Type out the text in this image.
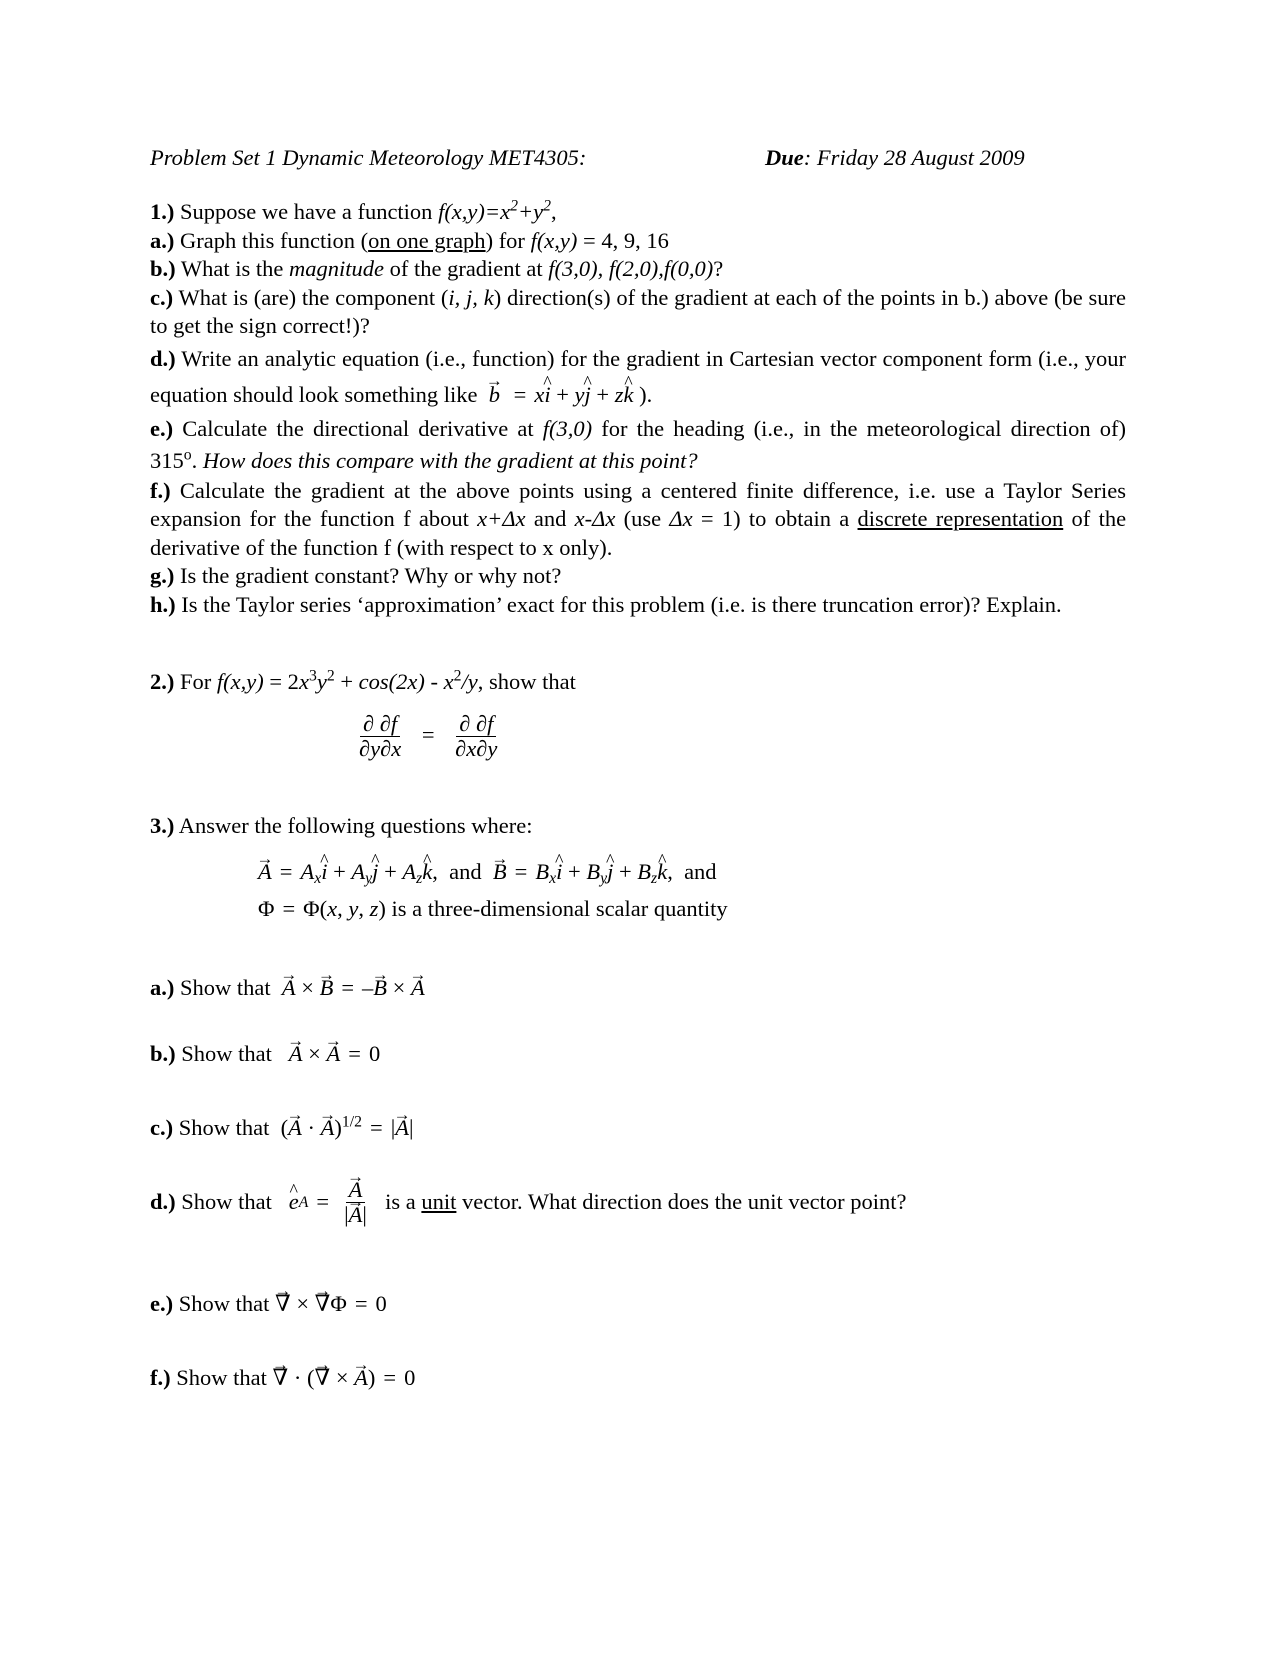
Problem Set 1 Dynamic Meteorology MET4305:	Due: Friday 28 August 2009

1.) Suppose we have a function $f(x,y)=x^2+y^2$,

a.) Graph this function (on one graph) for f(x,y) = 4, 9, 16

b.) What is the magnitude of the gradient at f(3,0), f(2,0),f(0,0)?

c.) What is (are) the component (i, j, k) direction(s) of the gradient at each of the points in b.) above (be sure to get the sign correct!)?

d.) Write an analytic equation (i.e., function) for the gradient in Cartesian vector component form (i.e., your equation should look something like → b = x^ i + y^ j + z^ k ).

e.) Calculate the directional derivative at f(3,0) for the heading (i.e., in the meteorological direction of) 315$^o$. How does this compare with the gradient at this point?

f.) Calculate the gradient at the above points using a centered finite difference, i.e. use a Taylor Series expansion for the function f about x+Δx and x-Δx (use Δx = 1) to obtain a discrete representation of the derivative of the function f (with respect to x only).

g.) Is the gradient constant? Why or why not?

h.) Is the Taylor series ‘approximation’ exact for this problem (i.e. is there truncation error)? Explain.

2.) For $f(x,y) = 2x^3y^2 + \cos(2x) - x^2/y$, show that

$\frac{\partial \partial f}{\partial y\partial x} = \frac{\partial \partial f}{\partial x\partial y}$

3.) Answer the following questions where:

→ $A = A_x\^{}$ $i + A_y\^{}$ $j + A_z\^{}$ k,  and → $B = B_x\^{}$ $i + B_y\^{}$ $j + B_z\^{}$ k,  and
Φ = Φ(x, y, z) is a three-dimensional scalar quantity
a.) Show that → A × → B = –→ B × → A
b.) Show that → A × → A = 0
c.) Show that  (→ A · → A)$^{1/2}$ = |→ A|
d.)
Show that
^ e A = → $\frac{A}{|\to A|}$
is a
unit
vector. What direction does the unit vector point?
e.) Show that → ∇ × → ∇Φ = 0
f.) Show that → ∇ · (→ ∇ × → A) = 0
